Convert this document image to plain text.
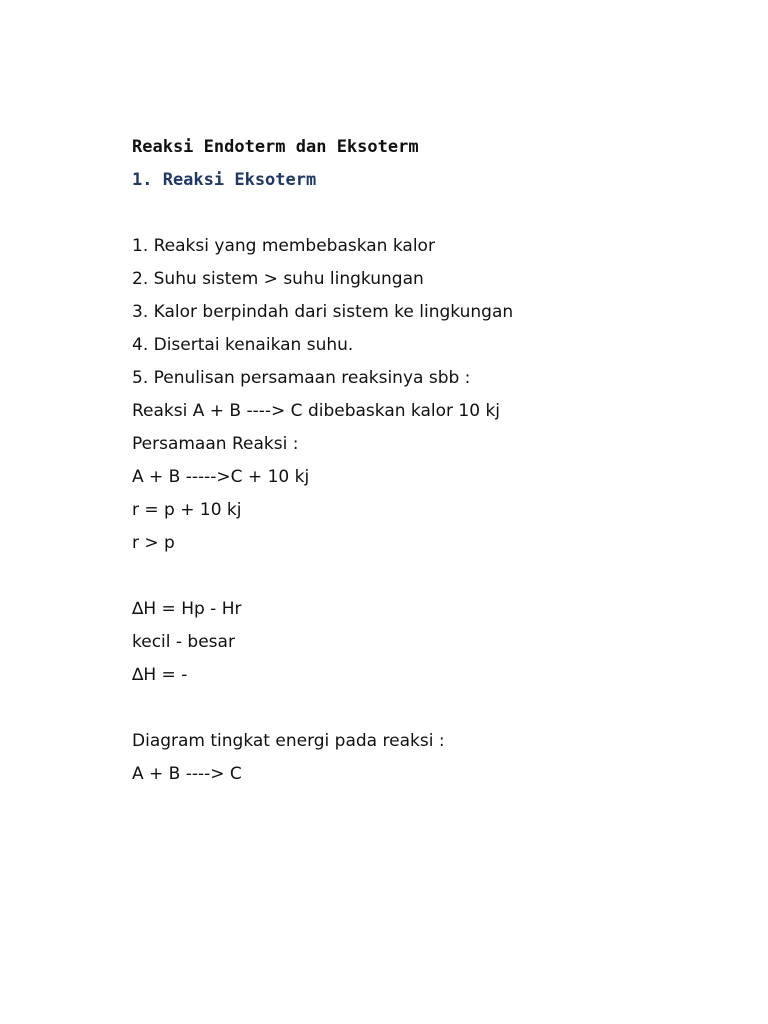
Reaksi Endoterm dan Eksoterm
1. Reaksi Eksoterm
1. Reaksi yang membebaskan kalor
2. Suhu sistem > suhu lingkungan
3. Kalor berpindah dari sistem ke lingkungan
4. Disertai kenaikan suhu.
5. Penulisan persamaan reaksinya sbb :
Reaksi A + B ----> C dibebaskan kalor 10 kj
Persamaan Reaksi :
A + B ----->C + 10 kj
r = p + 10 kj
r > p
∆H = Hp - Hr
kecil - besar
∆H = -
Diagram tingkat energi pada reaksi :
A + B ----> C
